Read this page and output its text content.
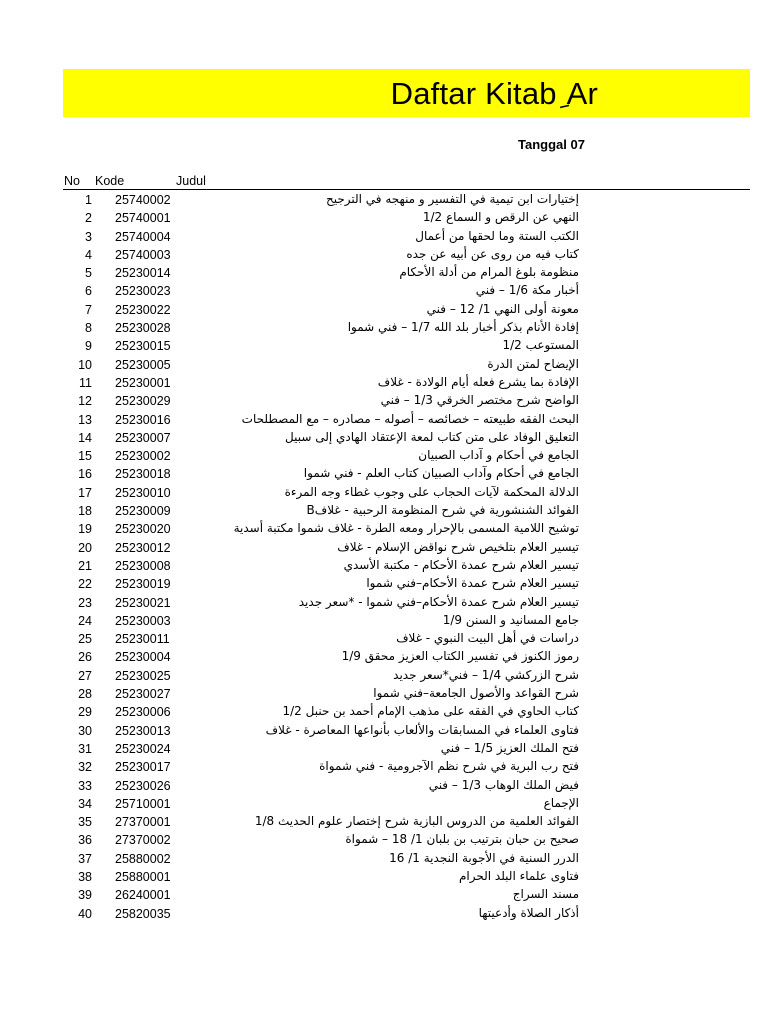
Daftar Kitab ِAr
Tanggal 07
No Kode	Judul
1 25740002	إختيارات ابن تيمية في التفسير و منهجه في الترجيح
2 25740001	النهي عن الرقص و السماع 1/2
3 25740004	الكتب الستة وما لحقها من أعمال
4 25740003	كتاب فيه من روى عن أبيه عن جده
5 25230014	منظومة بلوغ المرام من أدلة الأحكام
6 25230023	أخبار مكة 1/6 – فني
7 25230022	معونة أولى النهي 1/ 12 – فني
8 25230028	إفادة الأنام بذكر أخبار بلد الله 1/7 – فني شموا
9 25230015	المستوعب 1/2
10 25230005	الإيضاح لمتن الدرة
11 25230001	الإفادة بما يشرع فعله أيام الولادة - غلاف
12 25230029	الواضح شرح مختصر الخرقي 1/3 – فني
13 25230016	البحث الفقه طبيعته – خصائصه – أصوله – مصادره – مع المصطلحات
14 25230007	التعليق الوفاد على متن كتاب لمعة الإعتقاد الهادي إلى سبيل
15 25230002	الجامع في أحكام و آداب الصبيان
16 25230018	الجامع في أحكام وآداب الصبيان كتاب العلم - فني شموا
17 25230010	الدلالة المحكمة لآيات الحجاب على وجوب غطاء وجه المرءة
18 25230009	الفوائد الشنشورية في شرح المنظومة الرحبية - غلافB
19 25230020	توشيح اللامية المسمى بالإحرار ومعه الطرة - غلاف شموا مكتبة أسدية
20 25230012	تيسير العلام بتلخيص شرح نواقض الإسلام - غلاف
21 25230008	تيسير العلام شرح عمدة الأحكام - مكتبة الأسدي
22 25230019	تيسير العلام شرح عمدة الأحكام–فني شموا
23 25230021	تيسير العلام شرح عمدة الأحكام–فني شموا - *سعر جديد
24 25230003	جامع المسانيد و السنن 1/9
25 25230011	دراسات في أهل البيت النبوي - غلاف
26 25230004	رموز الكنوز في تفسير الكتاب العزيز محقق 1/9
27 25230025	شرح الزركشي 1/4 – فني*سعر جديد
28 25230027	شرح القواعد والأصول الجامعة–فني شموا
29 25230006	كتاب الحاوي في الفقه على مذهب الإمام أحمد بن حنبل 1/2
30 25230013	فتاوى العلماء في المسابقات والألعاب بأنواعها المعاصرة - غلاف
31 25230024	فتح الملك العزيز 1/5 – فني
32 25230017	فتح رب البرية في شرح نظم الآجرومية - فني شمواة
33 25230026	فيض الملك الوهاب 1/3 – فني
34 25710001	الإجماع
35 27370001	الفوائد العلمية من الدروس البازية شرح إختصار علوم الحديث 1/8
36 27370002	صحيح بن حبان بترتيب بن بلبان 1/ 18 – شمواة
37 25880002	الدرر السنية في الأجوبة النجدية 1/ 16
38 25880001	فتاوى علماء البلد الحرام
39 26240001	مسند السراج
40 25820035	أذكار الصلاة وأدعيتها
